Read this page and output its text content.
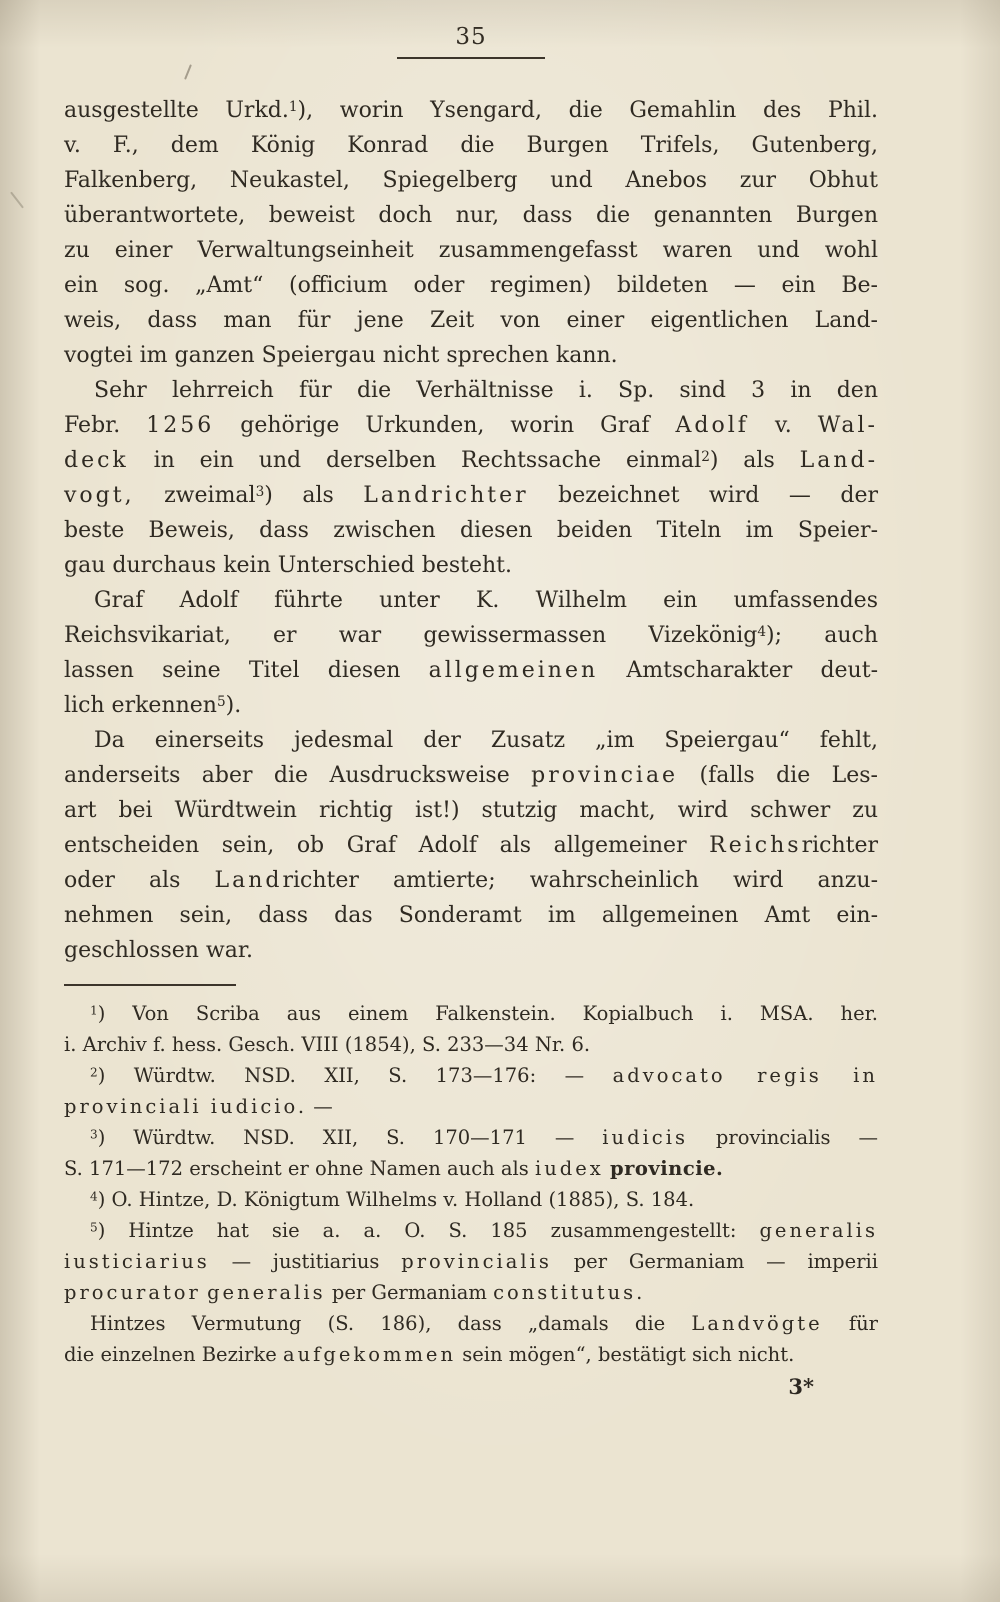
35
ausgestellte Urkd.$^1$), worin Ysengard, die Gemahlin des Phil.
v. F., dem König Konrad die Burgen Trifels, Gutenberg,
Falkenberg, Neukastel, Spiegelberg und Anebos zur Obhut
überantwortete, beweist doch nur, dass die genannten Burgen
zu einer Verwaltungseinheit zusammengefasst waren und wohl
ein sog. „Amt“ (officium oder regimen) bildeten — ein Be-
weis, dass man für jene Zeit von einer eigentlichen Land-
vogtei im ganzen Speiergau nicht sprechen kann.
Sehr lehrreich für die Verhältnisse i. Sp. sind 3 in den
Febr. 1256 gehörige Urkunden, worin Graf Adolf v. Wal-
deck in ein und derselben Rechtssache einmal$^2$) als Land-
vogt, zweimal$^3$) als Landrichter bezeichnet wird — der
beste Beweis, dass zwischen diesen beiden Titeln im Speier-
gau durchaus kein Unterschied besteht.
Graf Adolf führte unter K. Wilhelm ein umfassendes
Reichsvikariat, er war gewissermassen Vizekönig$^4$); auch
lassen seine Titel diesen allgemeinen Amtscharakter deut-
lich erkennen$^5$).
Da einerseits jedesmal der Zusatz „im Speiergau“ fehlt,
anderseits aber die Ausdrucksweise provinciae (falls die Les-
art bei Würdtwein richtig ist!) stutzig macht, wird schwer zu
entscheiden sein, ob Graf Adolf als allgemeiner Reichsrichter
oder als Landrichter amtierte; wahrscheinlich wird anzu-
nehmen sein, dass das Sonderamt im allgemeinen Amt ein-
geschlossen war.
$^1$) Von Scriba aus einem Falkenstein. Kopialbuch i. MSA. her.
i. Archiv f. hess. Gesch. VIII (1854), S. 233—34 Nr. 6.
$^2$) Würdtw. NSD. XII, S. 173—176: — advocato regis in
provinciali iudicio. —
$^3$) Würdtw. NSD. XII, S. 170—171 — iudicis provincialis —
S. 171—172 erscheint er ohne Namen auch als iudex provincie.
$^4$) O. Hintze, D. Königtum Wilhelms v. Holland (1885), S. 184.
$^5$) Hintze hat sie a. a. O. S. 185 zusammengestellt: generalis
iusticiarius — justitiarius provincialis per Germaniam — imperii
procurator generalis per Germaniam constitutus.
Hintzes Vermutung (S. 186), dass „damals die Landvögte für
die einzelnen Bezirke aufgekommen sein mögen“, bestätigt sich nicht.
3*
